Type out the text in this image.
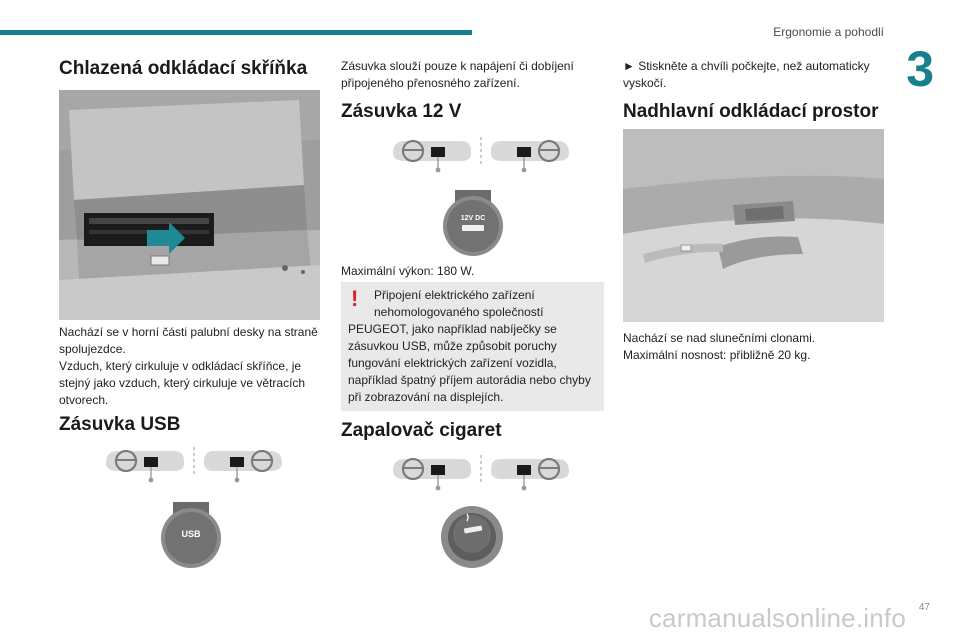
Ergonomie a pohodlí
3
Chlazená odkládací skříňka
Nachází se v horní části palubní desky na straně
spolujezdce.
Vzduch, který cirkuluje v odkládací skříňce, je
stejný jako vzduch, který cirkuluje ve větracích
otvorech.
Zásuvka USB
USB
Zásuvka slouží pouze k napájení či dobíjení
připojeného přenosného zařízení.
Zásuvka 12 V
12V DC
Maximální výkon: 180 W.
!	Připojení elektrického zařízení
nehomologovaného společností
PEUGEOT, jako například nabíječky se
zásuvkou USB, může způsobit poruchy
fungování elektrických zařízení vozidla,
například špatný příjem autorádia nebo chyby
při zobrazování na displejích.
Zapalovač cigaret
► Stiskněte a chvíli počkejte, než automaticky
vyskočí.
Nadhlavní odkládací prostor
Nachází se nad slunečními clonami.
Maximální nosnost: přibližně 20 kg.
47
carmanualsonline.info
